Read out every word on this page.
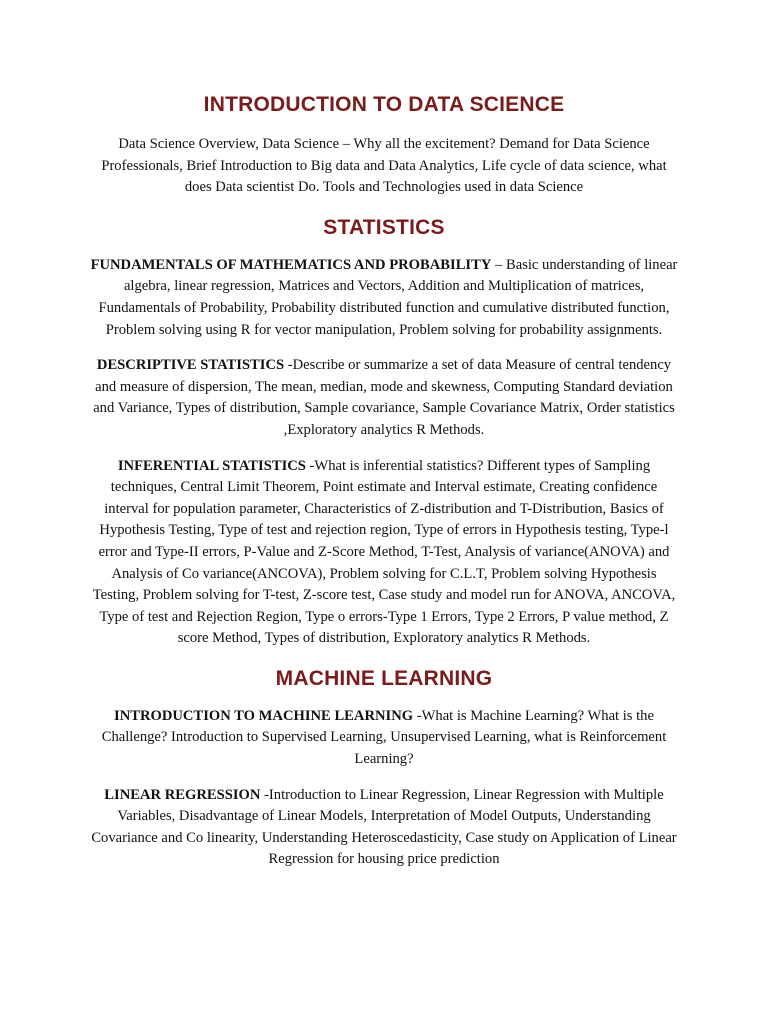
INTRODUCTION TO DATA SCIENCE

Data Science Overview, Data Science – Why all the excitement? Demand for Data Science Professionals, Brief Introduction to Big data and Data Analytics, Life cycle of data science, what does Data scientist Do. Tools and Technologies used in data Science

STATISTICS

FUNDAMENTALS OF MATHEMATICS AND PROBABILITY – Basic understanding of linear algebra, linear regression, Matrices and Vectors, Addition and Multiplication of matrices, Fundamentals of Probability, Probability distributed function and cumulative distributed function, Problem solving using R for vector manipulation, Problem solving for probability assignments.

DESCRIPTIVE STATISTICS -Describe or summarize a set of data Measure of central tendency and measure of dispersion, The mean, median, mode and skewness, Computing Standard deviation and Variance, Types of distribution, Sample covariance, Sample Covariance Matrix, Order statistics ,Exploratory analytics R Methods.

INFERENTIAL STATISTICS -What is inferential statistics? Different types of Sampling techniques, Central Limit Theorem, Point estimate and Interval estimate, Creating confidence interval for population parameter, Characteristics of Z-distribution and T-Distribution, Basics of Hypothesis Testing, Type of test and rejection region, Type of errors in Hypothesis testing, Type-l error and Type-II errors, P-Value and Z-Score Method, T-Test, Analysis of variance(ANOVA) and Analysis of Co variance(ANCOVA), Problem solving for C.L.T, Problem solving Hypothesis Testing, Problem solving for T-test, Z-score test, Case study and model run for ANOVA, ANCOVA, Type of test and Rejection Region, Type o errors-Type 1 Errors, Type 2 Errors, P value method, Z score Method, Types of distribution, Exploratory analytics R Methods.

MACHINE LEARNING

INTRODUCTION TO MACHINE LEARNING -What is Machine Learning? What is the Challenge? Introduction to Supervised Learning, Unsupervised Learning, what is Reinforcement Learning?

LINEAR REGRESSION -Introduction to Linear Regression, Linear Regression with Multiple Variables, Disadvantage of Linear Models, Interpretation of Model Outputs, Understanding Covariance and Co linearity, Understanding Heteroscedasticity, Case study on Application of Linear Regression for housing price prediction
